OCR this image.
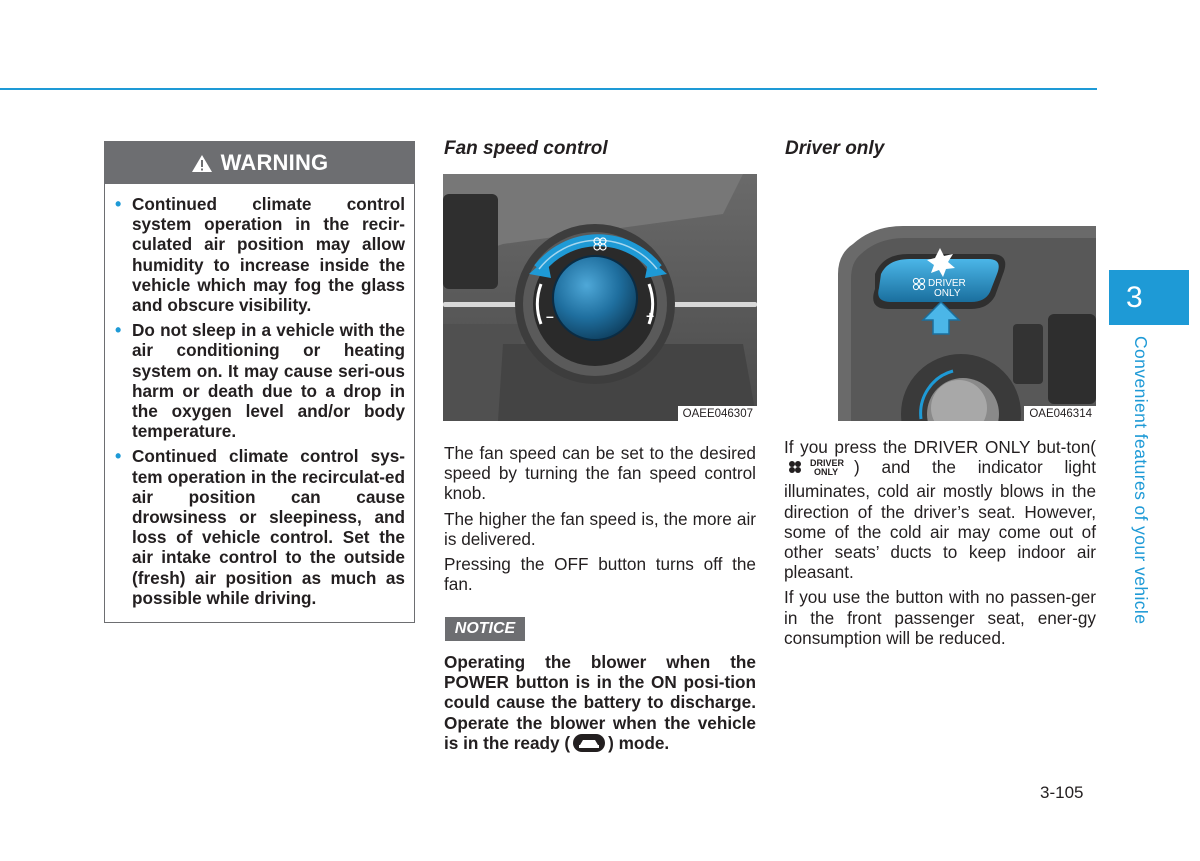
WARNING
• Continued climate control system operation in the recir-culated air position may allow humidity to increase inside the vehicle which may fog the glass and obscure visibility.
• Do not sleep in a vehicle with the air conditioning or heating system on. It may cause seri-ous harm or death due to a drop in the oxygen level and/or body temperature.
• Continued climate control sys-tem operation in the recirculat-ed air position can cause drowsiness or sleepiness, and loss of vehicle control. Set the air intake control to the outside (fresh) air position as much as possible while driving.
Fan speed control
–	+
OAEE046307

The fan speed can be set to the desired speed by turning the fan speed control knob.

The higher the fan speed is, the more air is delivered.

Pressing the OFF button turns off the fan.

NOTICE
Operating the blower when the POWER button is in the ON posi-tion could cause the battery to discharge. Operate the blower when the vehicle is in the ready ( ) mode.
Driver only
DRIVER
ONLY
OAE046314

If you press the DRIVER ONLY but-ton(
DRIVER
ONLY ) and the indicator light illuminates, cold air mostly blows in the direction of the driver’s seat. However, some of the cold air may come out of other seats’ ducts to keep indoor air pleasant.

If you use the button with no passen-ger in the front passenger seat, ener-gy consumption will be reduced.

3
Convenient features of your vehicle
3-105
